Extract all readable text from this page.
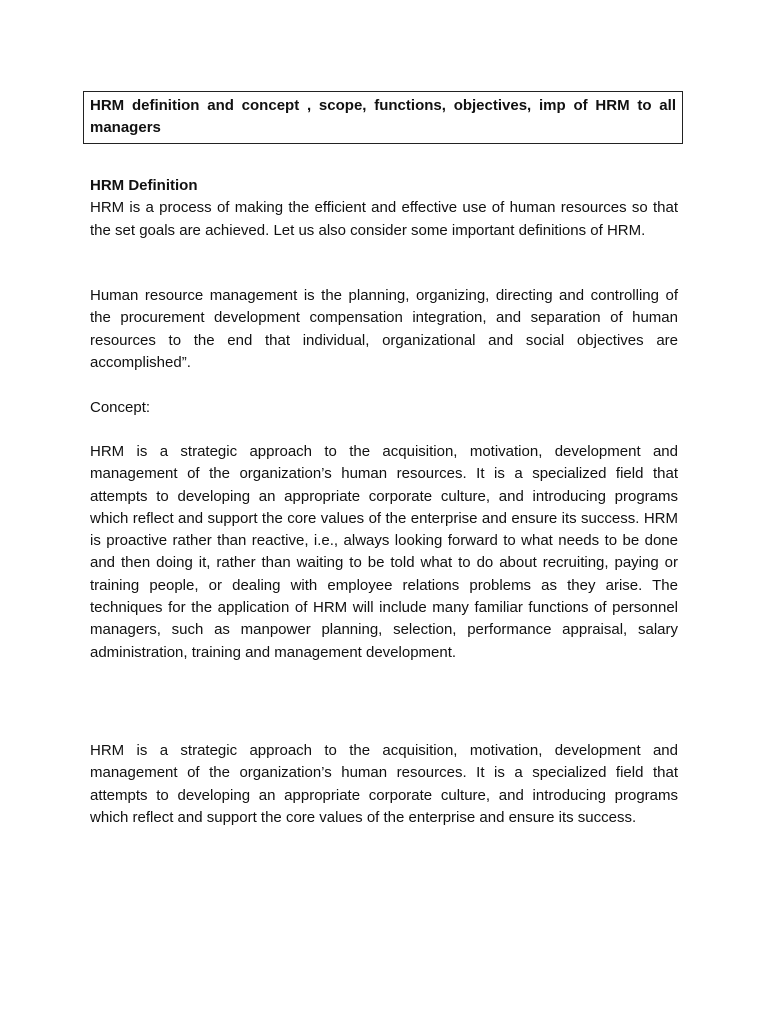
HRM definition and concept , scope, functions, objectives, imp of HRM to all managers
HRM Definition
HRM is a process of making the efficient and effective use of human resources so that the set goals are achieved. Let us also consider some important definitions of HRM.

Human resource management is the planning, organizing, directing and controlling of the procurement development compensation integration, and separation of human resources to the end that individual, organizational and social objectives are accomplished”.

Concept:

HRM is a strategic approach to the acquisition, motivation, development and management of the organization’s human resources. It is a specialized field that attempts to developing an appropriate corporate culture, and introducing programs which reflect and support the core values of the enterprise and ensure its success. HRM is proactive rather than reactive, i.e., always looking forward to what needs to be done and then doing it, rather than waiting to be told what to do about recruiting, paying or training people, or dealing with employee relations problems as they arise. The techniques for the application of HRM will include many familiar functions of personnel managers, such as manpower planning, selection, performance appraisal, salary administration, training and management development.

HRM is a strategic approach to the acquisition, motivation, development and management of the organization’s human resources. It is a specialized field that attempts to developing an appropriate corporate culture, and introducing programs which reflect and support the core values of the enterprise and ensure its success.
